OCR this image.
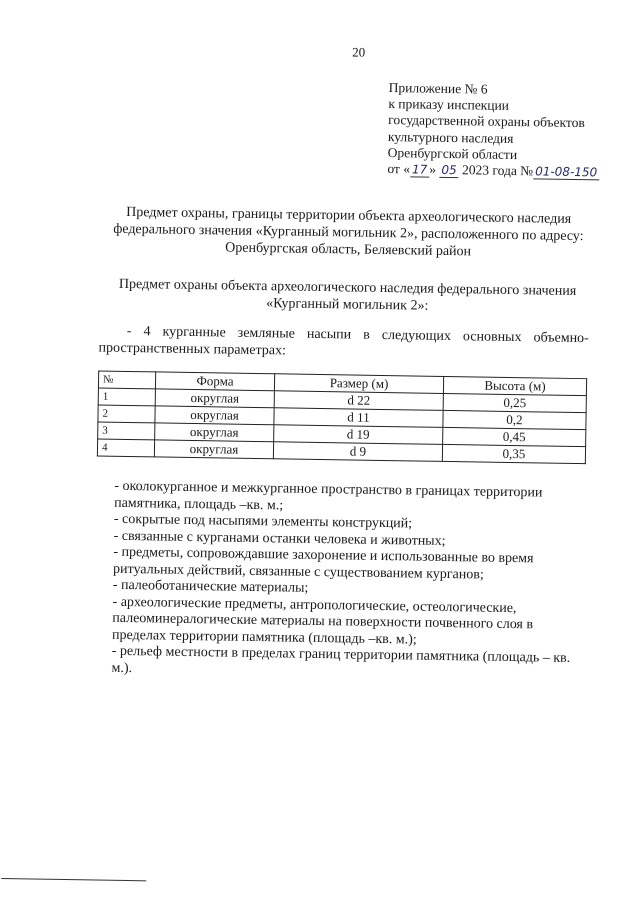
20
Приложение № 6
к приказу инспекции
государственной охраны объектов
культурного наследия
Оренбургской области
от « 17 » 05 2023 года № 01-08-150
Предмет охраны, границы территории объекта археологического наследия федерального значения «Курганный могильник 2», расположенного по адресу: Оренбургская область, Беляевский район
Предмет охраны объекта археологического наследия федерального значения «Курганный могильник 2»:
- 4 курганные земляные насыпи в следующих основных объемно-пространственных параметрах:
№	Форма	Размер (м)	Высота (м)
1	округлая	d 22	0,25
2	округлая	d 11	0,2
3	округлая	d 19	0,45
4	округлая	d 9	0,35
- околокурганное и межкурганное пространство в границах территории памятника, площадь –кв. м.;
- сокрытые под насыпями элементы конструкций;
- связанные с курганами останки человека и животных;
- предметы, сопровождавшие захоронение и использованные во время ритуальных действий, связанные с существованием курганов;
- палеоботанические материалы;
- археологические предметы, антропологические, остеологические, палеоминералогические материалы на поверхности почвенного слоя в пределах территории памятника (площадь –кв. м.);
- рельеф местности в пределах границ территории памятника (площадь – кв. м.).
